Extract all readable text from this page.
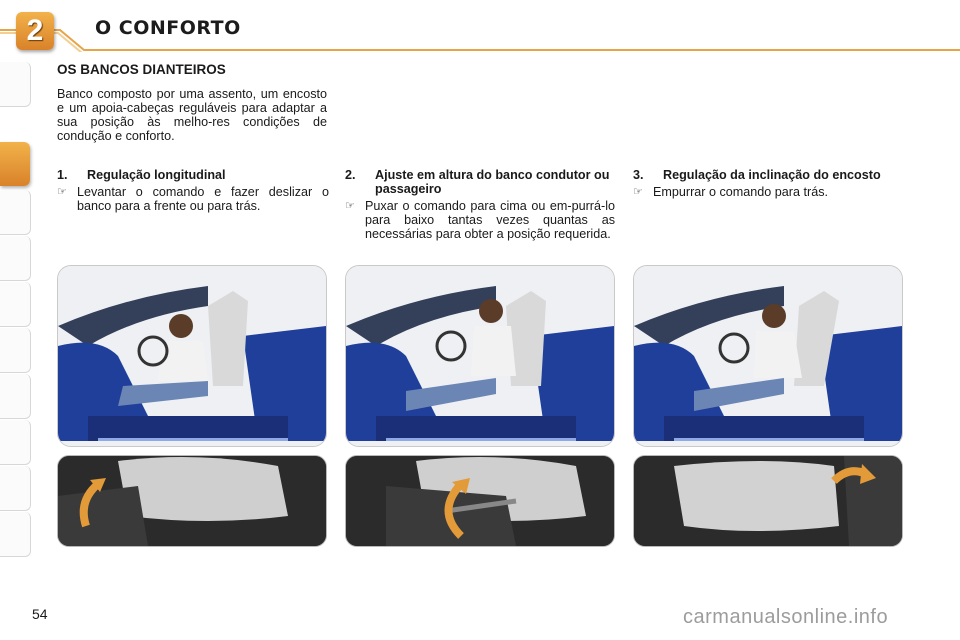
2	O CONFORTO
OS BANCOS DIANTEIROS

Banco composto por uma assento, um encosto e um apoia-cabeças reguláveis para adaptar a sua posição às melho-res condições de condução e conforto.

1.	Regulação longitudinal
☞ Levantar o comando e fazer deslizar o banco para a frente ou para trás.
2.	Ajuste em altura do banco condutor ou passageiro
☞ Puxar o comando para cima ou em-purrá-lo para baixo tantas vezes quantas as necessárias para obter a posição requerida.
3.	Regulação da inclinação do encosto
☞ Empurrar o comando para trás.
54	carmanualsonline.info
